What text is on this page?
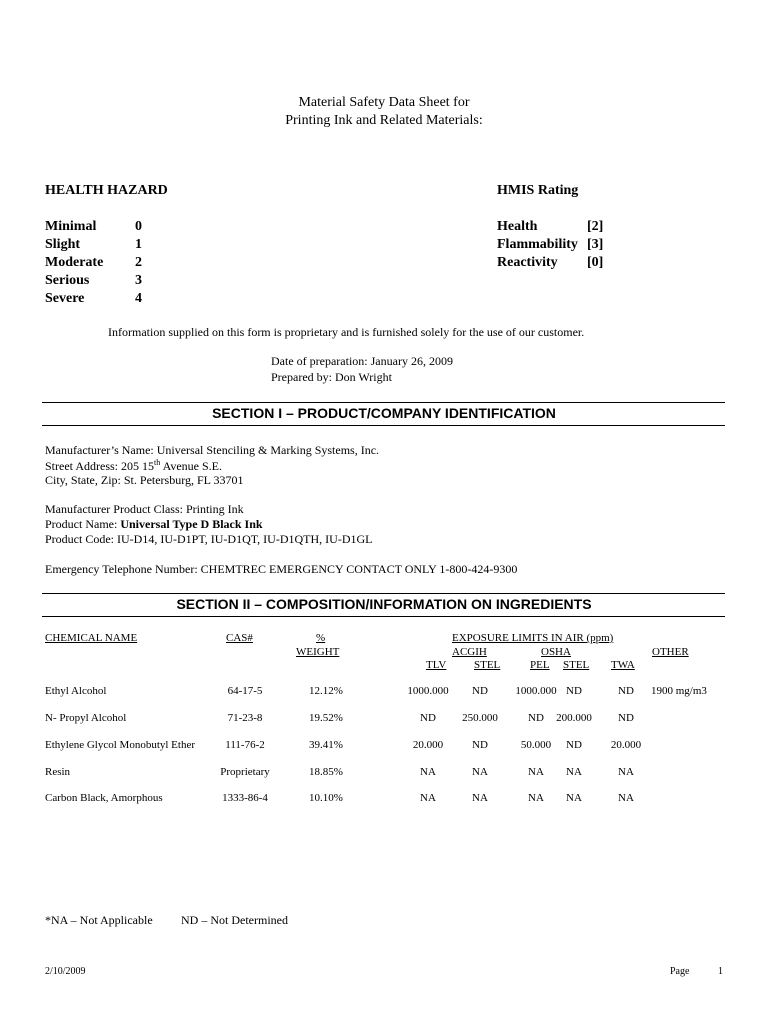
Material Safety Data Sheet for
Printing Ink and Related Materials:
HEALTH HAZARD
Minimal	0
Slight	1
Moderate 2
Serious	3
Severe	4
HMIS Rating
Health	[2]
Flammability [3]
Reactivity [0]
Information supplied on this form is proprietary and is furnished solely for the use of our customer.
Date of preparation: January 26, 2009
Prepared by: Don Wright
SECTION I – PRODUCT/COMPANY IDENTIFICATION
Manufacturer’s Name: Universal Stenciling & Marking Systems, Inc.
Street Address: 205 15th Avenue S.E.
City, State, Zip: St. Petersburg, FL 33701
Manufacturer Product Class: Printing Ink
Product Name: Universal Type D Black Ink
Product Code: IU-D14, IU-D1PT, IU-D1QT, IU-D1QTH, IU-D1GL
Emergency Telephone Number: CHEMTREC EMERGENCY CONTACT ONLY 1-800-424-9300
SECTION II – COMPOSITION/INFORMATION ON INGREDIENTS
CHEMICAL NAME	CAS#	%
WEIGHT
EXPOSURE LIMITS IN AIR (ppm)
ACGIH	OSHA	OTHER
TLV	STEL	PEL STEL TWA
Ethyl Alcohol	64-17-5	12.12%	1000.000	ND	1000.000 ND	ND	1900 mg/m3
N- Propyl Alcohol	71-23-8	19.52%	ND	250.000	ND	200.000	ND
Ethylene Glycol Monobutyl Ether	111-76-2	39.41%	20.000	ND	50.000	ND	20.000
Resin	Proprietary	18.85%	NA	NA	NA	NA	NA
Carbon Black, Amorphous	1333-86-4	10.10%	NA	NA	NA	NA	NA
*NA – Not Applicable ND – Not Determined
2/10/2009	Page	1
